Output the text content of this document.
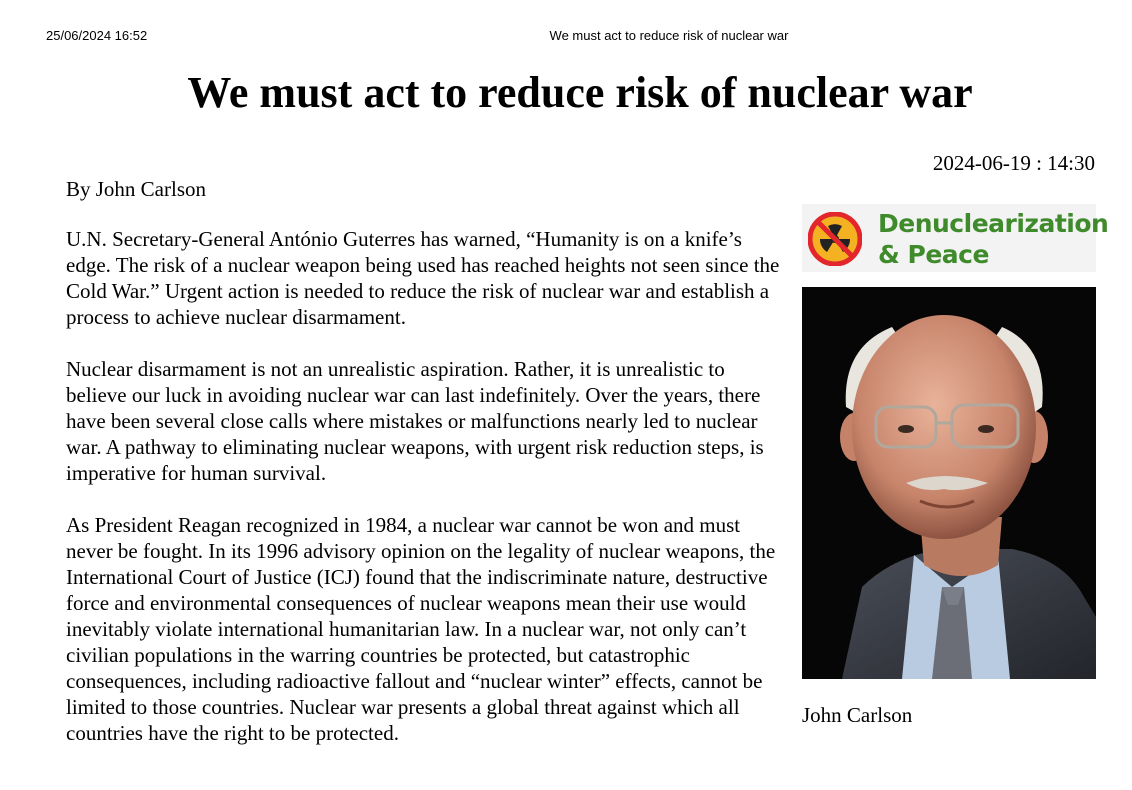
25/06/2024 16:52	We must act to reduce risk of nuclear war
We must act to reduce risk of nuclear war
2024-06-19 : 14:30

By John Carlson

U.N. Secretary-General António Guterres has warned, “Humanity is on a knife’s edge. The risk of a nuclear weapon being used has reached heights not seen since the Cold War.” Urgent action is needed to reduce the risk of nuclear war and establish a process to achieve nuclear disarmament.

Nuclear disarmament is not an unrealistic aspiration. Rather, it is unrealistic to believe our luck in avoiding nuclear war can last indefinitely. Over the years, there have been several close calls where mistakes or malfunctions nearly led to nuclear war. A pathway to eliminating nuclear weapons, with urgent risk reduction steps, is imperative for human survival.

As President Reagan recognized in 1984, a nuclear war cannot be won and must never be fought. In its 1996 advisory opinion on the legality of nuclear weapons, the International Court of Justice (ICJ) found that the indiscriminate nature, destructive force and environmental consequences of nuclear weapons mean their use would inevitably violate international humanitarian law. In a nuclear war, not only can’t civilian populations in the warring countries be protected, but catastrophic consequences, including radioactive fallout and “nuclear winter” effects, cannot be limited to those countries. Nuclear war presents a global threat against which all countries have the right to be protected.

Denuclearization
& Peace
John Carlson
